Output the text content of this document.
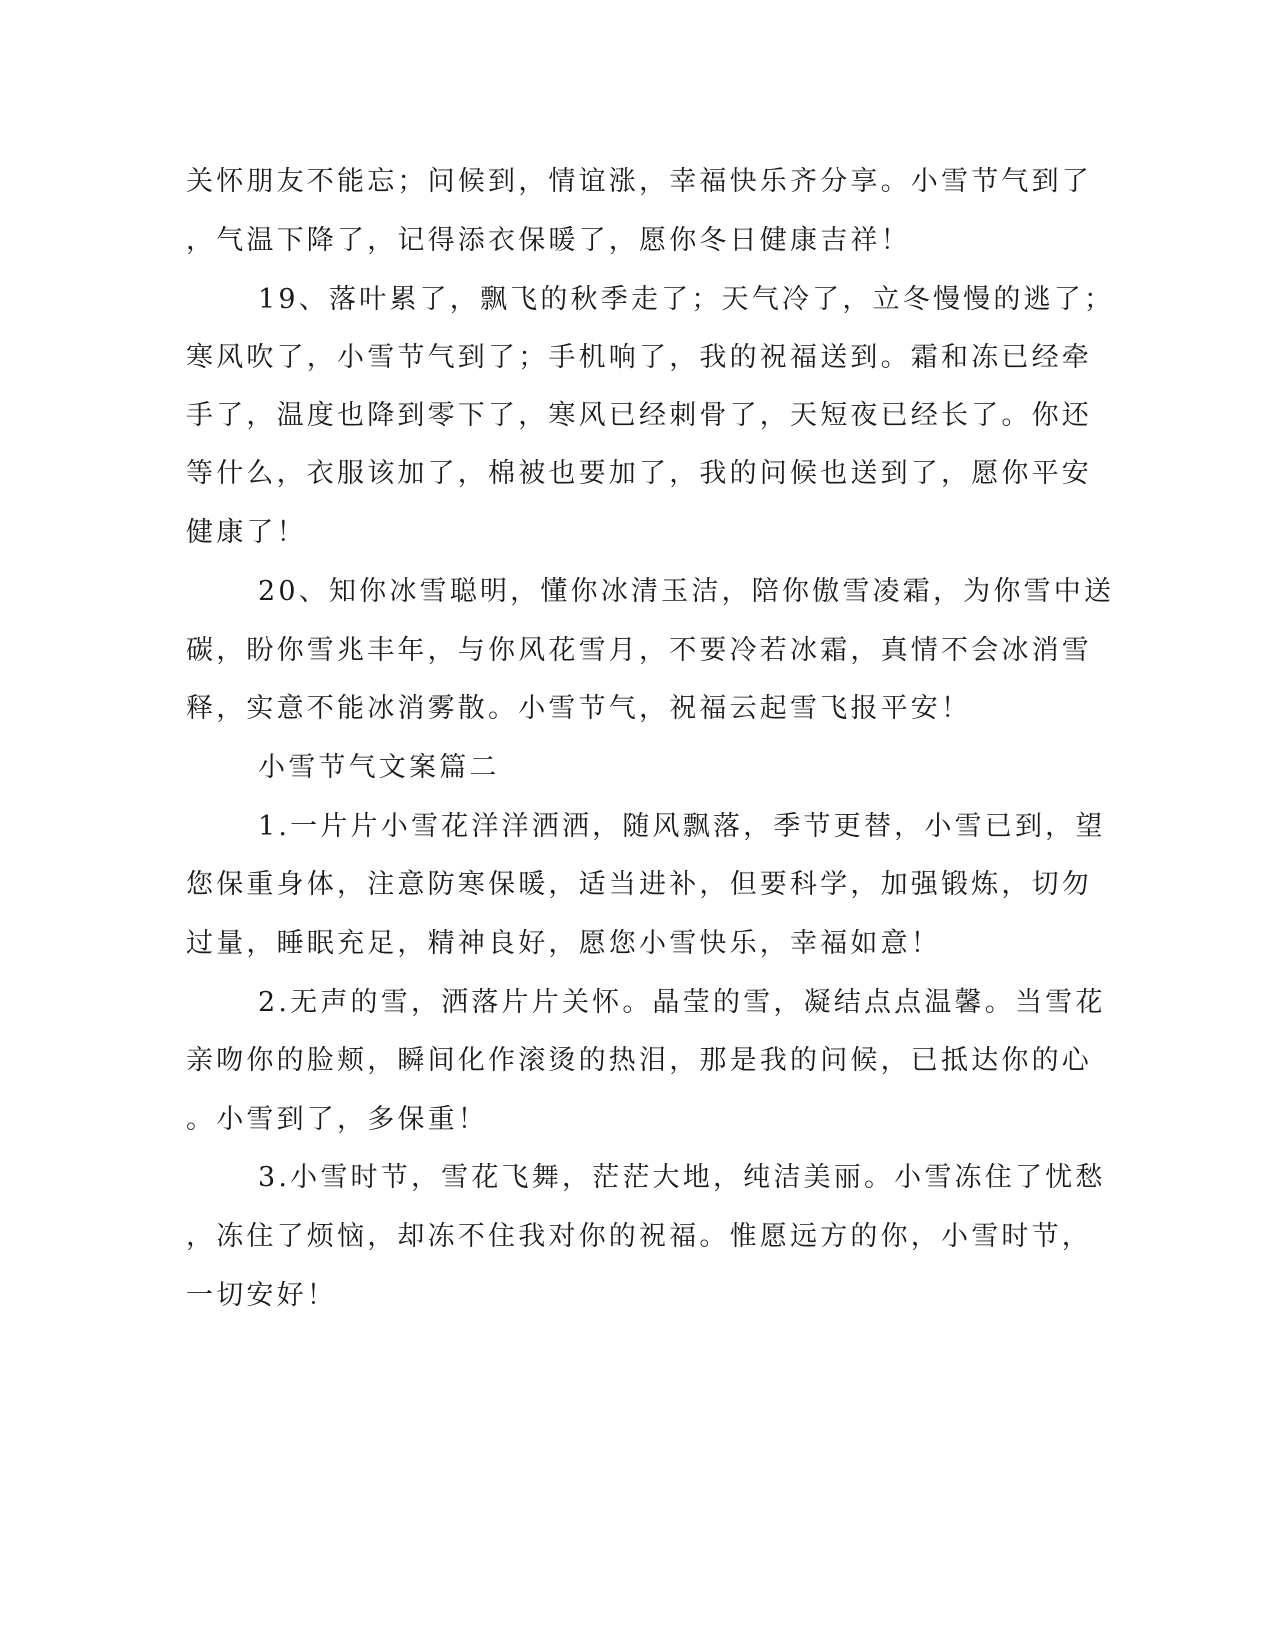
关怀朋友不能忘；问候到，情谊涨，幸福快乐齐分享。小雪节气到了
，气温下降了，记得添衣保暖了，愿你冬日健康吉祥！
19、落叶累了，飘飞的秋季走了；天气冷了，立冬慢慢的逃了；
寒风吹了，小雪节气到了；手机响了，我的祝福送到。霜和冻已经牵
手了，温度也降到零下了，寒风已经刺骨了，天短夜已经长了。你还
等什么，衣服该加了，棉被也要加了，我的问候也送到了，愿你平安
健康了！
20、知你冰雪聪明，懂你冰清玉洁，陪你傲雪凌霜，为你雪中送
碳，盼你雪兆丰年，与你风花雪月，不要冷若冰霜，真情不会冰消雪
释，实意不能冰消雾散。小雪节气，祝福云起雪飞报平安！
小雪节气文案篇二
1.一片片小雪花洋洋洒洒，随风飘落，季节更替，小雪已到，望
您保重身体，注意防寒保暖，适当进补，但要科学，加强锻炼，切勿
过量，睡眠充足，精神良好，愿您小雪快乐，幸福如意！
2.无声的雪，洒落片片关怀。晶莹的雪，凝结点点温馨。当雪花
亲吻你的脸颊，瞬间化作滚烫的热泪，那是我的问候，已抵达你的心
。小雪到了，多保重！
3.小雪时节，雪花飞舞，茫茫大地，纯洁美丽。小雪冻住了忧愁
，冻住了烦恼，却冻不住我对你的祝福。惟愿远方的你，小雪时节，
一切安好！
